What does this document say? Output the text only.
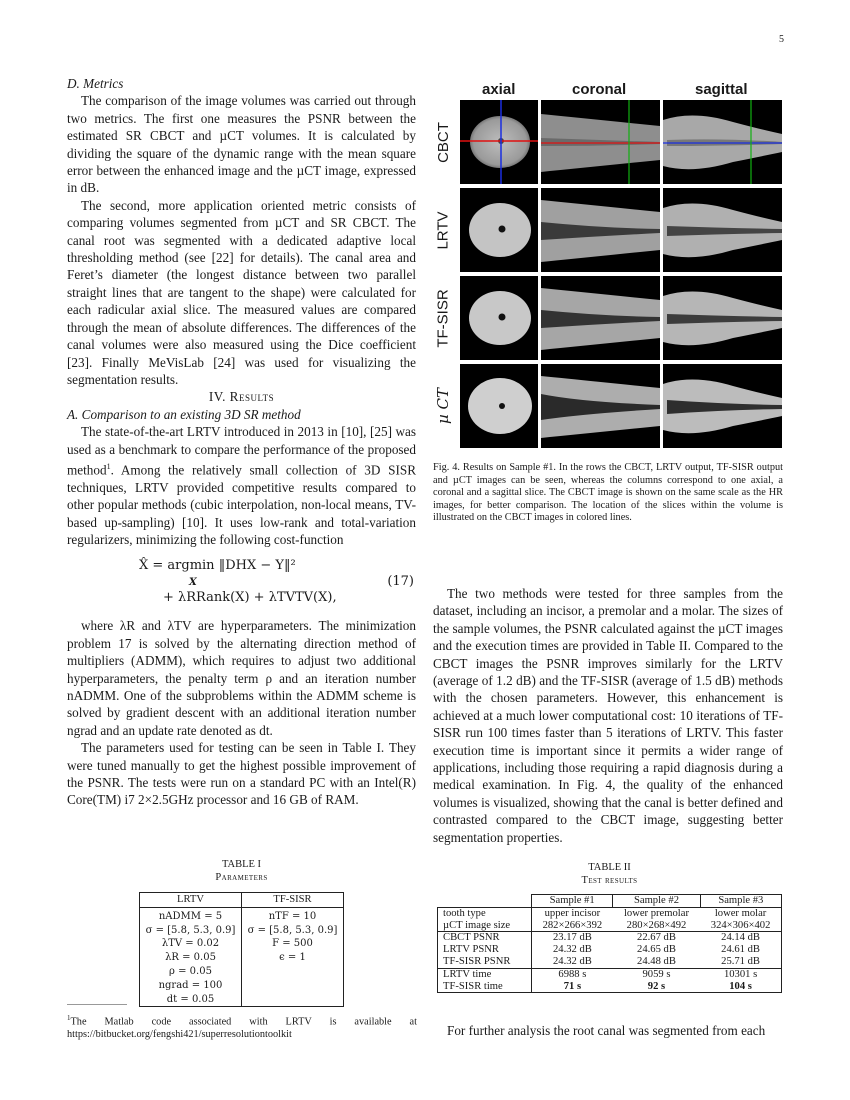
5

D. Metrics

The comparison of the image volumes was carried out through two metrics. The first one measures the PSNR between the estimated SR CBCT and µCT volumes. It is calculated by dividing the square of the dynamic range with the mean square error between the enhanced image and the µCT image, expressed in dB.

The second, more application oriented metric consists of comparing volumes segmented from µCT and SR CBCT. The canal root was segmented with a dedicated adaptive local thresholding method (see [22] for details). The canal area and Feret’s diameter (the longest distance between two parallel straight lines that are tangent to the shape) were calculated for each radicular axial slice. The measured values are compared through the mean of absolute differences. The differences of the canal volumes were also measured using the Dice coefficient [23]. Finally MeVisLab [24] was used for visualizing the segmentation results.

IV. Results

A. Comparison to an existing 3D SR method

The state-of-the-art LRTV introduced in 2013 in [10], [25] was used as a benchmark to compare the performance of the proposed method$^1$. Among the relatively small collection of 3D SISR techniques, LRTV provided competitive results compared to other popular methods (cubic interpolation, non-local means, TV-based up-sampling) [10]. It uses low-rank and total-variation regularizers, minimizing the following cost-function

X̂ = argmin ‖DHX − Y‖²
X
+ λRRank(X) + λTVTV(X),
(17)

where λR and λTV are hyperparameters. The minimization problem 17 is solved by the alternating direction method of multipliers (ADMM), which requires to adjust two additional hyperparameters, the penalty term ρ and an iteration number nADMM. One of the subproblems within the ADMM scheme is solved by gradient descent with an additional iteration number ngrad and an update rate denoted as dt.

The parameters used for testing can be seen in Table I. They were tuned manually to get the highest possible improvement of the PSNR. The tests were run on a standard PC with an Intel(R) Core(TM) i7 2×2.5GHz processor and 16 GB of RAM.

axial	coronal	sagittal
CBCT
LRTV
TF-SISR
µ CT
Fig. 4. Results on Sample #1. In the rows the CBCT, LRTV output, TF-SISR output and µCT images can be seen, whereas the columns correspond to one axial, a coronal and a sagittal slice. The CBCT image is shown on the same scale as the HR images, for better comparison. The location of the slices within the volume is illustrated on the CBCT images in colored lines.

The two methods were tested for three samples from the dataset, including an incisor, a premolar and a molar. The sizes of the sample volumes, the PSNR calculated against the µCT images and the execution times are provided in Table II. Compared to the CBCT images the PSNR improves similarly for the LRTV (average of 1.2 dB) and the TF-SISR (average of 1.5 dB) methods with the chosen parameters. However, this enhancement is achieved at a much lower computational cost: 10 iterations of TF-SISR run 100 times faster than 5 iterations of LRTV. This faster execution time is important since it permits a wider range of applications, including those requiring a rapid diagnosis during a medical examination. In Fig. 4, the quality of the enhanced volumes is visualized, showing that the canal is better defined and contrasted compared to the CBCT image, suggesting better segmentation properties.

TABLE I
Parameters
LRTV	TF-SISR
nADMM = 5	nTF = 10
σ = [5.8, 5.3, 0.9]	σ = [5.8, 5.3, 0.9]
λTV = 0.02	F = 500
λR = 0.05	ϵ = 1
ρ = 0.05	
ngrad = 100	
dt = 0.05	
TABLE II
Test results
	Sample #1	Sample #2	Sample #3
tooth type	upper incisor	lower premolar	lower molar
µCT image size	282×266×392	280×268×492	324×306×402
CBCT PSNR	23.17 dB	22.67 dB	24.14 dB
LRTV PSNR	24.32 dB	24.65 dB	24.61 dB
TF-SISR PSNR	24.32 dB	24.48 dB	25.71 dB
LRTV time	6988 s	9059 s	10301 s
TF-SISR time	71 s	92 s	104 s
$^1$The Matlab code associated with LRTV is available at https://bitbucket.org/fengshi421/superresolutiontoolkit	For further analysis the root canal was segmented from each
